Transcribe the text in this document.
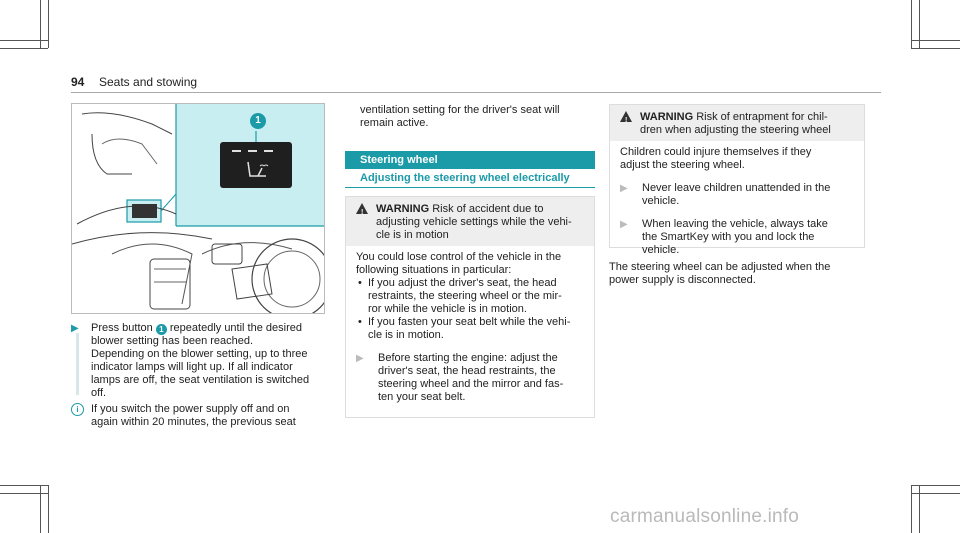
94 Seats and stowing
1
▶ Press button 1 repeatedly until the desired
blower setting has been reached.
Depending on the blower setting, up to three
indicator lamps will light up. If all indicator
lamps are off, the seat ventilation is switched
off.
i	If you switch the power supply off and on
again within 20 minutes, the previous seat
ventilation setting for the driver's seat will
remain active.
Steering wheel
Adjusting the steering wheel electrically
! WARNING Risk of accident due to
adjusting vehicle settings while the vehi-
cle is in motion
You could lose control of the vehicle in the
following situations in particular:
• If you adjust the driver's seat, the head
restraints, the steering wheel or the mir-
ror while the vehicle is in motion.
• If you fasten your seat belt while the vehi-
cle is in motion.
▶ Before starting the engine: adjust the
driver's seat, the head restraints, the
steering wheel and the mirror and fas-
ten your seat belt.
! WARNING Risk of entrapment for chil-
dren when adjusting the steering wheel
Children could injure themselves if they
adjust the steering wheel.
▶ Never leave children unattended in the
vehicle.
▶ When leaving the vehicle, always take
the SmartKey with you and lock the
vehicle.
The steering wheel can be adjusted when the
power supply is disconnected.
carmanualsonline.info
